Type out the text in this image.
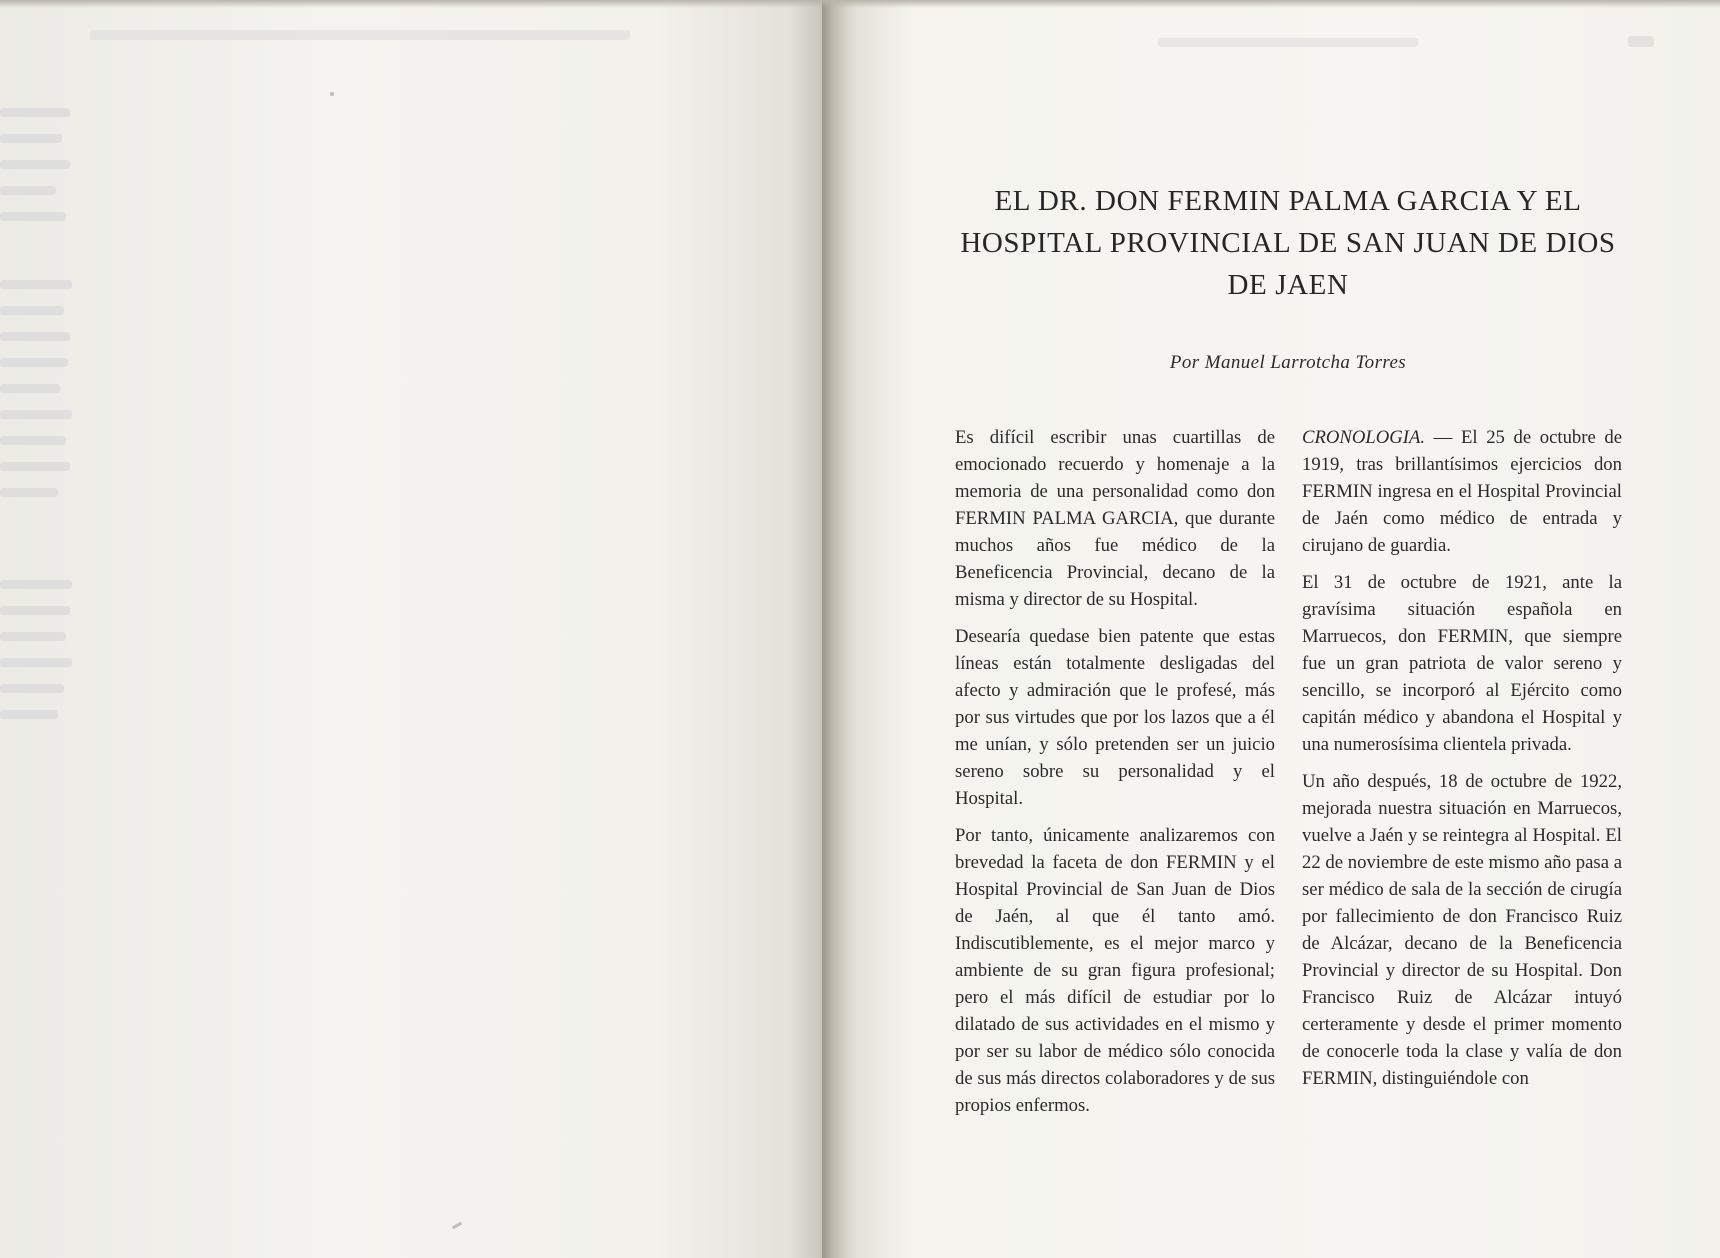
EL DR. DON FERMIN PALMA GARCIA Y EL HOSPITAL PROVINCIAL DE SAN JUAN DE DIOS DE JAEN
Por Manuel Larrotcha Torres

Es difícil escribir unas cuartillas de emocionado recuerdo y homenaje a la memoria de una personalidad como don FERMIN PALMA GARCIA, que durante muchos años fue médico de la Beneficencia Provincial, decano de la misma y director de su Hospital.

Desearía quedase bien patente que estas líneas están totalmente desligadas del afecto y admiración que le profesé, más por sus virtudes que por los lazos que a él me unían, y sólo pretenden ser un juicio sereno sobre su personalidad y el Hospital.

Por tanto, únicamente analizaremos con brevedad la faceta de don FERMIN y el Hospital Provincial de San Juan de Dios de Jaén, al que él tanto amó. Indiscutiblemente, es el mejor marco y ambiente de su gran figura profesional; pero el más difícil de estudiar por lo dilatado de sus actividades en el mismo y por ser su labor de médico sólo conocida de sus más directos colaboradores y de sus propios enfermos.

CRONOLOGIA. — El 25 de octubre de 1919, tras brillantísimos ejercicios don FERMIN ingresa en el Hospital Provincial de Jaén como médico de entrada y cirujano de guardia.

El 31 de octubre de 1921, ante la gravísima situación española en Marruecos, don FERMIN, que siempre fue un gran patriota de valor sereno y sencillo, se incorporó al Ejército como capitán médico y abandona el Hospital y una numerosísima clientela privada.

Un año después, 18 de octubre de 1922, mejorada nuestra situación en Marruecos, vuelve a Jaén y se reintegra al Hospital. El 22 de noviembre de este mismo año pasa a ser médico de sala de la sección de cirugía por fallecimiento de don Francisco Ruiz de Alcázar, decano de la Beneficencia Provincial y director de su Hospital. Don Francisco Ruiz de Alcázar intuyó certeramente y desde el primer momento de conocerle toda la clase y valía de don FERMIN, distinguiéndole con
